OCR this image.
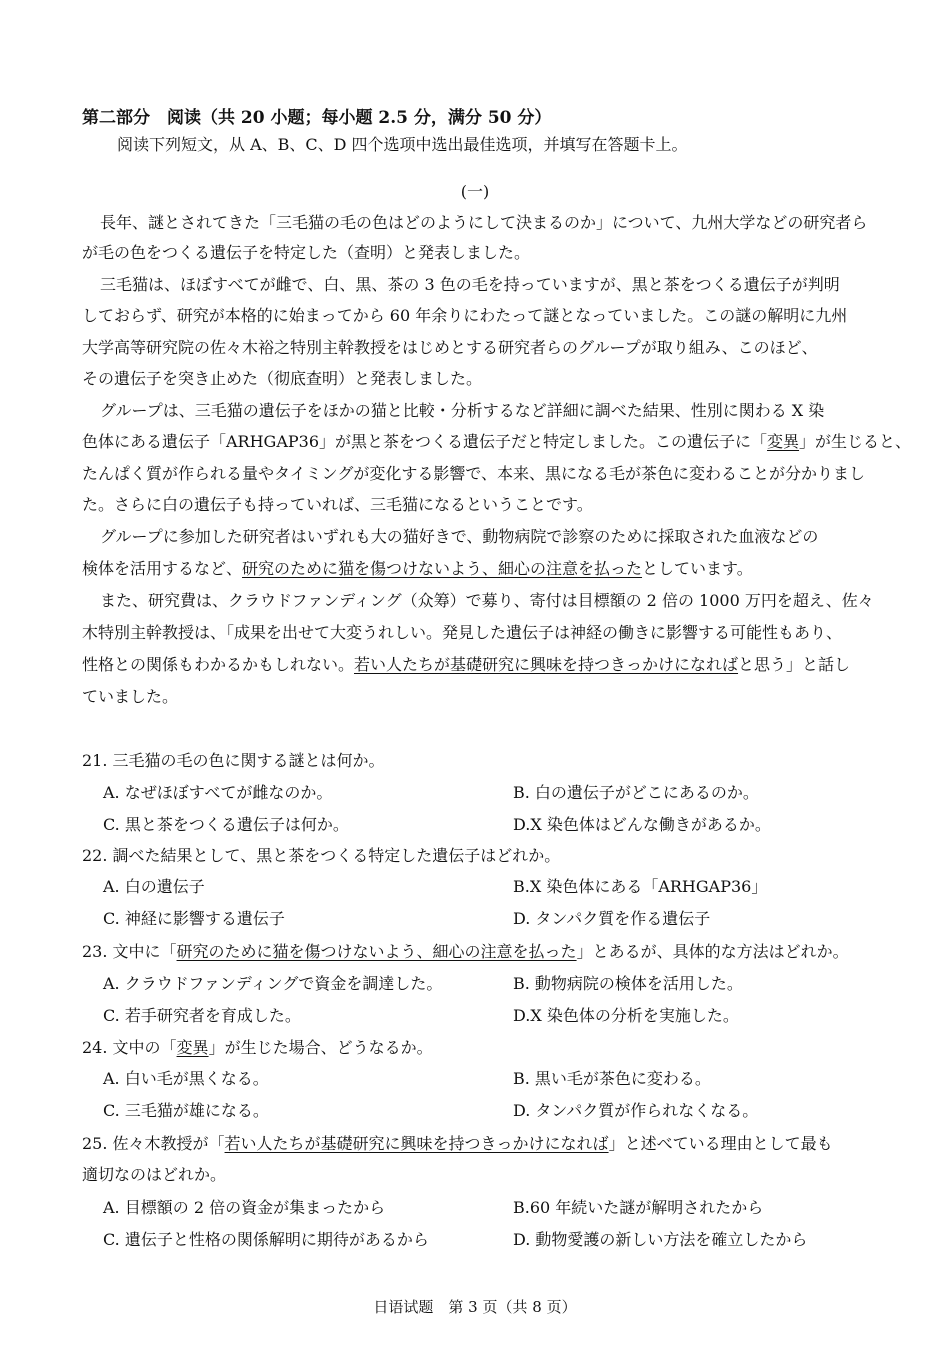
第二部分　阅读（共 20 小题；每小题 2.5 分，满分 50 分）
阅读下列短文，从 A、B、C、D 四个选项中选出最佳选项，并填写在答题卡上。
(一)
長年、謎とされてきた「三毛猫の毛の色はどのようにして決まるのか」について、九州大学などの研究者ら
が毛の色をつくる遺伝子を特定した（查明）と発表しました。
三毛猫は、ほぼすべてが雌で、白、黒、茶の 3 色の毛を持っていますが、黒と茶をつくる遺伝子が判明
しておらず、研究が本格的に始まってから 60 年余りにわたって謎となっていました。この謎の解明に九州
大学高等研究院の佐々木裕之特別主幹教授をはじめとする研究者らのグループが取り組み、このほど、
その遺伝子を突き止めた（彻底查明）と発表しました。
グループは、三毛猫の遺伝子をほかの猫と比較・分析するなど詳細に調べた結果、性別に関わる X 染
色体にある遺伝子「ARHGAP36」が黒と茶をつくる遺伝子だと特定しました。この遺伝子に「変異」が生じると、
たんぱく質が作られる量やタイミングが変化する影響で、本来、黒になる毛が茶色に変わることが分かりまし
た。さらに白の遺伝子も持っていれば、三毛猫になるということです。
グループに参加した研究者はいずれも大の猫好きで、動物病院で診察のために採取された血液などの
検体を活用するなど、研究のために猫を傷つけないよう、細心の注意を払ったとしています。
また、研究費は、クラウドファンディング（众筹）で募り、寄付は目標額の 2 倍の 1000 万円を超え、佐々
木特別主幹教授は、「成果を出せて大変うれしい。発見した遺伝子は神経の働きに影響する可能性もあり、
性格との関係もわかるかもしれない。若い人たちが基礎研究に興味を持つきっかけになればと思う」と話し
ていました。
21. 三毛猫の毛の色に関する謎とは何か。
A. なぜほぼすべてが雌なのか。	B. 白の遺伝子がどこにあるのか。
C. 黒と茶をつくる遺伝子は何か。	D.X 染色体はどんな働きがあるか。
22. 調べた結果として、黒と茶をつくる特定した遺伝子はどれか。
A. 白の遺伝子	B.X 染色体にある「ARHGAP36」
C. 神経に影響する遺伝子	D. タンパク質を作る遺伝子
23. 文中に「研究のために猫を傷つけないよう、細心の注意を払った」とあるが、具体的な方法はどれか。
A. クラウドファンディングで資金を調達した。	B. 動物病院の検体を活用した。
C. 若手研究者を育成した。	D.X 染色体の分析を実施した。
24. 文中の「変異」が生じた場合、どうなるか。
A. 白い毛が黒くなる。	B. 黒い毛が茶色に変わる。
C. 三毛猫が雄になる。	D. タンパク質が作られなくなる。
25. 佐々木教授が「若い人たちが基礎研究に興味を持つきっかけになれば」と述べている理由として最も
適切なのはどれか。
A. 目標額の 2 倍の資金が集まったから	B.60 年続いた謎が解明されたから
C. 遺伝子と性格の関係解明に期待があるから	D. 動物愛護の新しい方法を確立したから
日语试题　第 3 页（共 8 页）
